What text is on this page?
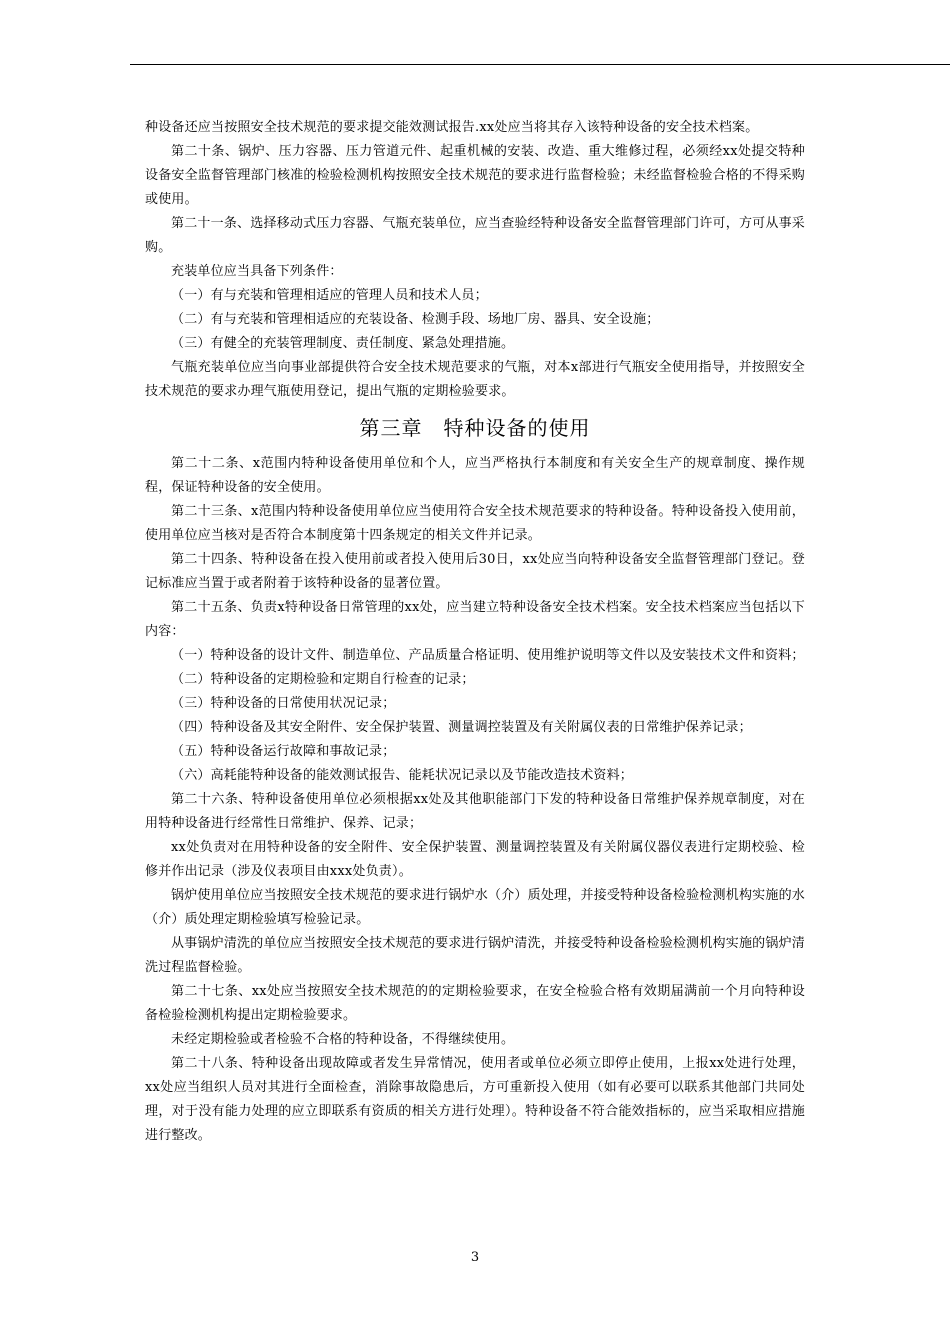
种设备还应当按照安全技术规范的要求提交能效测试报告.xx处应当将其存入该特种设备的安全技术档案。

第二十条、锅炉、压力容器、压力管道元件、起重机械的安装、改造、重大维修过程，必须经xx处提交特种设备安全监督管理部门核准的检验检测机构按照安全技术规范的要求进行监督检验；未经监督检验合格的不得采购或使用。

第二十一条、选择移动式压力容器、气瓶充装单位，应当查验经特种设备安全监督管理部门许可，方可从事采购。

充装单位应当具备下列条件：

（一）有与充装和管理相适应的管理人员和技术人员；

（二）有与充装和管理相适应的充装设备、检测手段、场地厂房、器具、安全设施；

（三）有健全的充装管理制度、责任制度、紧急处理措施。

气瓶充装单位应当向事业部提供符合安全技术规范要求的气瓶，对本x部进行气瓶安全使用指导，并按照安全技术规范的要求办理气瓶使用登记，提出气瓶的定期检验要求。

第三章　特种设备的使用

第二十二条、x范围内特种设备使用单位和个人，应当严格执行本制度和有关安全生产的规章制度、操作规程，保证特种设备的安全使用。

第二十三条、x范围内特种设备使用单位应当使用符合安全技术规范要求的特种设备。特种设备投入使用前，使用单位应当核对是否符合本制度第十四条规定的相关文件并记录。

第二十四条、特种设备在投入使用前或者投入使用后30日，xx处应当向特种设备安全监督管理部门登记。登记标准应当置于或者附着于该特种设备的显著位置。

第二十五条、负责x特种设备日常管理的xx处，应当建立特种设备安全技术档案。安全技术档案应当包括以下内容：

（一）特种设备的设计文件、制造单位、产品质量合格证明、使用维护说明等文件以及安装技术文件和资料；

（二）特种设备的定期检验和定期自行检查的记录；

（三）特种设备的日常使用状况记录；

（四）特种设备及其安全附件、安全保护装置、测量调控装置及有关附属仪表的日常维护保养记录；

（五）特种设备运行故障和事故记录；

（六）高耗能特种设备的能效测试报告、能耗状况记录以及节能改造技术资料；

第二十六条、特种设备使用单位必须根据xx处及其他职能部门下发的特种设备日常维护保养规章制度，对在用特种设备进行经常性日常维护、保养、记录；

xx处负责对在用特种设备的安全附件、安全保护装置、测量调控装置及有关附属仪器仪表进行定期校验、检修并作出记录（涉及仪表项目由xxx处负责）。

锅炉使用单位应当按照安全技术规范的要求进行锅炉水（介）质处理，并接受特种设备检验检测机构实施的水（介）质处理定期检验填写检验记录。

从事锅炉清洗的单位应当按照安全技术规范的要求进行锅炉清洗，并接受特种设备检验检测机构实施的锅炉清洗过程监督检验。

第二十七条、xx处应当按照安全技术规范的的定期检验要求，在安全检验合格有效期届满前一个月向特种设备检验检测机构提出定期检验要求。

未经定期检验或者检验不合格的特种设备，不得继续使用。

第二十八条、特种设备出现故障或者发生异常情况，使用者或单位必须立即停止使用，上报xx处进行处理，xx处应当组织人员对其进行全面检查，消除事故隐患后，方可重新投入使用（如有必要可以联系其他部门共同处理，对于没有能力处理的应立即联系有资质的相关方进行处理）。特种设备不符合能效指标的，应当采取相应措施进行整改。

3
